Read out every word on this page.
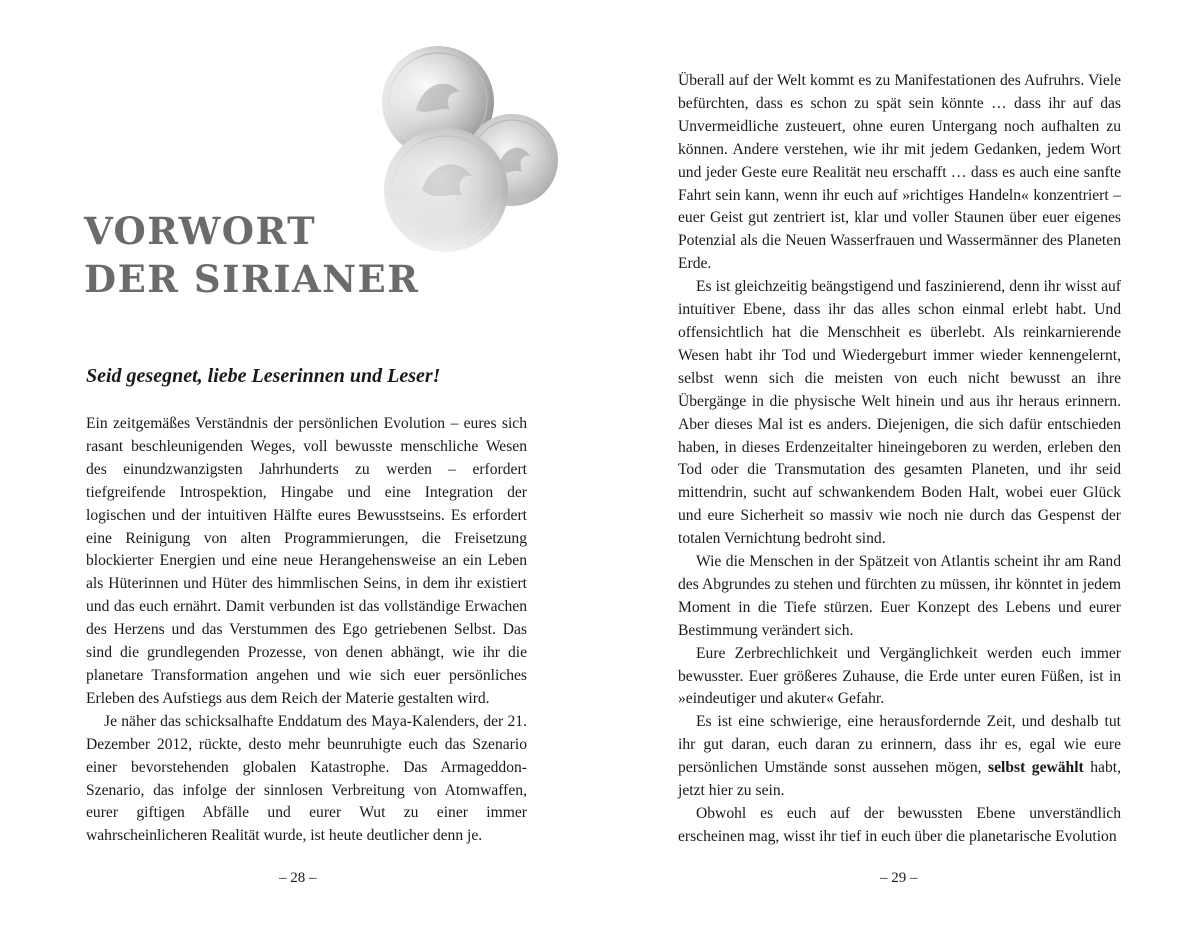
VORWORT
DER SIRIANER
Seid gesegnet, liebe Leserinnen und Leser!

Ein zeitgemäßes Verständnis der persönlichen Evolution – eures sich rasant beschleunigenden Weges, voll bewusste menschliche Wesen des einundzwanzigsten Jahrhunderts zu werden – erfordert tiefgreifende Introspektion, Hingabe und eine Integration der logischen und der intuitiven Hälfte eures Bewusstseins. Es erfordert eine Reinigung von alten Programmierungen, die Freisetzung blockierter Energien und eine neue Herangehensweise an ein Leben als Hüterinnen und Hüter des himmlischen Seins, in dem ihr existiert und das euch ernährt. Damit verbunden ist das vollständige Erwachen des Herzens und das Verstummen des Ego getriebenen Selbst. Das sind die grundlegenden Prozesse, von denen abhängt, wie ihr die planetare Transformation angehen und wie sich euer persönliches Erleben des Aufstiegs aus dem Reich der Materie gestalten wird.

Je näher das schicksalhafte Enddatum des Maya-Kalenders, der 21. Dezember 2012, rückte, desto mehr beunruhigte euch das Szenario einer bevorstehenden globalen Katastrophe. Das Armageddon-Szenario, das infolge der sinnlosen Verbreitung von Atomwaffen, eurer giftigen Abfälle und eurer Wut zu einer immer wahrscheinlicheren Realität wurde, ist heute deutlicher denn je.

– 28 –

Überall auf der Welt kommt es zu Manifestationen des Aufruhrs. Viele befürchten, dass es schon zu spät sein könnte … dass ihr auf das Unvermeidliche zusteuert, ohne euren Untergang noch aufhalten zu können. Andere verstehen, wie ihr mit jedem Gedanken, jedem Wort und jeder Geste eure Realität neu erschafft … dass es auch eine sanfte Fahrt sein kann, wenn ihr euch auf »richtiges Handeln« konzentriert – euer Geist gut zentriert ist, klar und voller Staunen über euer eigenes Potenzial als die Neuen Wasserfrauen und Wassermänner des Planeten Erde.

Es ist gleichzeitig beängstigend und faszinierend, denn ihr wisst auf intuitiver Ebene, dass ihr das alles schon einmal erlebt habt. Und offensichtlich hat die Menschheit es überlebt. Als reinkarnierende Wesen habt ihr Tod und Wiedergeburt immer wieder kennengelernt, selbst wenn sich die meisten von euch nicht bewusst an ihre Übergänge in die physische Welt hinein und aus ihr heraus erinnern. Aber dieses Mal ist es anders. Diejenigen, die sich dafür entschieden haben, in dieses Erdenzeitalter hineingeboren zu werden, erleben den Tod oder die Transmutation des gesamten Planeten, und ihr seid mittendrin, sucht auf schwankendem Boden Halt, wobei euer Glück und eure Sicherheit so massiv wie noch nie durch das Gespenst der totalen Vernichtung bedroht sind.

Wie die Menschen in der Spätzeit von Atlantis scheint ihr am Rand des Abgrundes zu stehen und fürchten zu müssen, ihr könntet in jedem Moment in die Tiefe stürzen. Euer Konzept des Lebens und eurer Bestimmung verändert sich.

Eure Zerbrechlichkeit und Vergänglichkeit werden euch immer bewusster. Euer größeres Zuhause, die Erde unter euren Füßen, ist in »eindeutiger und akuter« Gefahr.

Es ist eine schwierige, eine herausfordernde Zeit, und deshalb tut ihr gut daran, euch daran zu erinnern, dass ihr es, egal wie eure persönlichen Umstände sonst aussehen mögen, selbst gewählt habt, jetzt hier zu sein.

Obwohl es euch auf der bewussten Ebene unverständlich erscheinen mag, wisst ihr tief in euch über die planetarische Evolution

– 29 –
